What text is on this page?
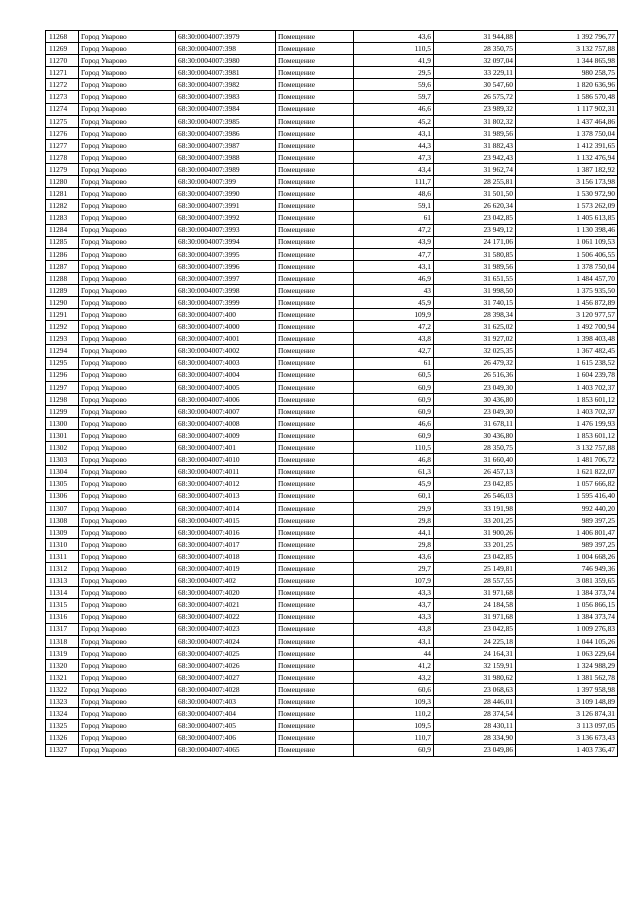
11268	Город Уварово	68:30:0004007:3979	Помещение	43,6	31 944,88	1 392 796,77
11269	Город Уварово	68:30:0004007:398	Помещение	110,5	28 350,75	3 132 757,88
11270	Город Уварово	68:30:0004007:3980	Помещение	41,9	32 097,04	1 344 865,98
11271	Город Уварово	68:30:0004007:3981	Помещение	29,5	33 229,11	980 258,75
11272	Город Уварово	68:30:0004007:3982	Помещение	59,6	30 547,60	1 820 636,96
11273	Город Уварово	68:30:0004007:3983	Помещение	59,7	26 575,72	1 586 570,48
11274	Город Уварово	68:30:0004007:3984	Помещение	46,6	23 989,32	1 117 902,31
11275	Город Уварово	68:30:0004007:3985	Помещение	45,2	31 802,32	1 437 464,86
11276	Город Уварово	68:30:0004007:3986	Помещение	43,1	31 989,56	1 378 750,04
11277	Город Уварово	68:30:0004007:3987	Помещение	44,3	31 882,43	1 412 391,65
11278	Город Уварово	68:30:0004007:3988	Помещение	47,3	23 942,43	1 132 476,94
11279	Город Уварово	68:30:0004007:3989	Помещение	43,4	31 962,74	1 387 182,92
11280	Город Уварово	68:30:0004007:399	Помещение	111,7	28 255,81	3 156 173,98
11281	Город Уварово	68:30:0004007:3990	Помещение	48,6	31 501,50	1 530 972,90
11282	Город Уварово	68:30:0004007:3991	Помещение	59,1	26 620,34	1 573 262,09
11283	Город Уварово	68:30:0004007:3992	Помещение	61	23 042,85	1 405 613,85
11284	Город Уварово	68:30:0004007:3993	Помещение	47,2	23 949,12	1 130 398,46
11285	Город Уварово	68:30:0004007:3994	Помещение	43,9	24 171,06	1 061 109,53
11286	Город Уварово	68:30:0004007:3995	Помещение	47,7	31 580,85	1 506 406,55
11287	Город Уварово	68:30:0004007:3996	Помещение	43,1	31 989,56	1 378 750,04
11288	Город Уварово	68:30:0004007:3997	Помещение	46,9	31 651,55	1 484 457,70
11289	Город Уварово	68:30:0004007:3998	Помещение	43	31 998,50	1 375 935,50
11290	Город Уварово	68:30:0004007:3999	Помещение	45,9	31 740,15	1 456 872,89
11291	Город Уварово	68:30:0004007:400	Помещение	109,9	28 398,34	3 120 977,57
11292	Город Уварово	68:30:0004007:4000	Помещение	47,2	31 625,02	1 492 700,94
11293	Город Уварово	68:30:0004007:4001	Помещение	43,8	31 927,02	1 398 403,48
11294	Город Уварово	68:30:0004007:4002	Помещение	42,7	32 025,35	1 367 482,45
11295	Город Уварово	68:30:0004007:4003	Помещение	61	26 479,32	1 615 238,52
11296	Город Уварово	68:30:0004007:4004	Помещение	60,5	26 516,36	1 604 239,78
11297	Город Уварово	68:30:0004007:4005	Помещение	60,9	23 049,30	1 403 702,37
11298	Город Уварово	68:30:0004007:4006	Помещение	60,9	30 436,80	1 853 601,12
11299	Город Уварово	68:30:0004007:4007	Помещение	60,9	23 049,30	1 403 702,37
11300	Город Уварово	68:30:0004007:4008	Помещение	46,6	31 678,11	1 476 199,93
11301	Город Уварово	68:30:0004007:4009	Помещение	60,9	30 436,80	1 853 601,12
11302	Город Уварово	68:30:0004007:401	Помещение	110,5	28 350,75	3 132 757,88
11303	Город Уварово	68:30:0004007:4010	Помещение	46,8	31 660,40	1 481 706,72
11304	Город Уварово	68:30:0004007:4011	Помещение	61,3	26 457,13	1 621 822,07
11305	Город Уварово	68:30:0004007:4012	Помещение	45,9	23 042,85	1 057 666,82
11306	Город Уварово	68:30:0004007:4013	Помещение	60,1	26 546,03	1 595 416,40
11307	Город Уварово	68:30:0004007:4014	Помещение	29,9	33 191,98	992 440,20
11308	Город Уварово	68:30:0004007:4015	Помещение	29,8	33 201,25	989 397,25
11309	Город Уварово	68:30:0004007:4016	Помещение	44,1	31 900,26	1 406 801,47
11310	Город Уварово	68:30:0004007:4017	Помещение	29,8	33 201,25	989 397,25
11311	Город Уварово	68:30:0004007:4018	Помещение	43,6	23 042,85	1 004 668,26
11312	Город Уварово	68:30:0004007:4019	Помещение	29,7	25 149,81	746 949,36
11313	Город Уварово	68:30:0004007:402	Помещение	107,9	28 557,55	3 081 359,65
11314	Город Уварово	68:30:0004007:4020	Помещение	43,3	31 971,68	1 384 373,74
11315	Город Уварово	68:30:0004007:4021	Помещение	43,7	24 184,58	1 056 866,15
11316	Город Уварово	68:30:0004007:4022	Помещение	43,3	31 971,68	1 384 373,74
11317	Город Уварово	68:30:0004007:4023	Помещение	43,8	23 042,85	1 009 276,83
11318	Город Уварово	68:30:0004007:4024	Помещение	43,1	24 225,18	1 044 105,26
11319	Город Уварово	68:30:0004007:4025	Помещение	44	24 164,31	1 063 229,64
11320	Город Уварово	68:30:0004007:4026	Помещение	41,2	32 159,91	1 324 988,29
11321	Город Уварово	68:30:0004007:4027	Помещение	43,2	31 980,62	1 381 562,78
11322	Город Уварово	68:30:0004007:4028	Помещение	60,6	23 068,63	1 397 958,98
11323	Город Уварово	68:30:0004007:403	Помещение	109,3	28 446,01	3 109 148,89
11324	Город Уварово	68:30:0004007:404	Помещение	110,2	28 374,54	3 126 874,31
11325	Город Уварово	68:30:0004007:405	Помещение	109,5	28 430,11	3 113 097,05
11326	Город Уварово	68:30:0004007:406	Помещение	110,7	28 334,90	3 136 673,43
11327	Город Уварово	68:30:0004007:4065	Помещение	60,9	23 049,86	1 403 736,47
